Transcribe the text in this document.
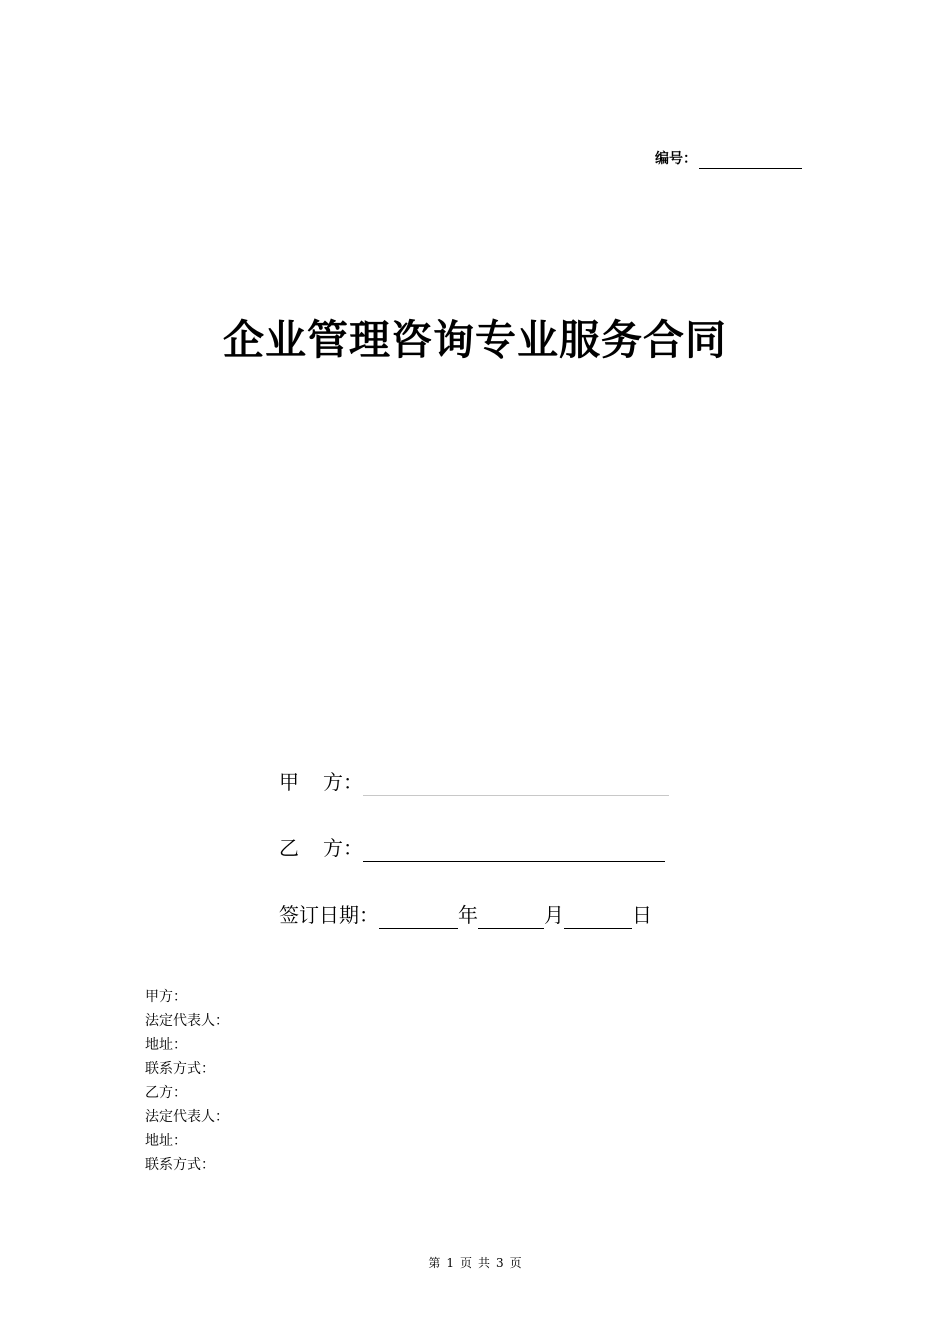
编号：
企业管理咨询专业服务合同
甲 方：
乙 方：
签订日期：	年	月	日
甲方：
法定代表人：
地址：
联系方式：
乙方：
法定代表人：
地址：
联系方式：
第 1 页 共 3 页
